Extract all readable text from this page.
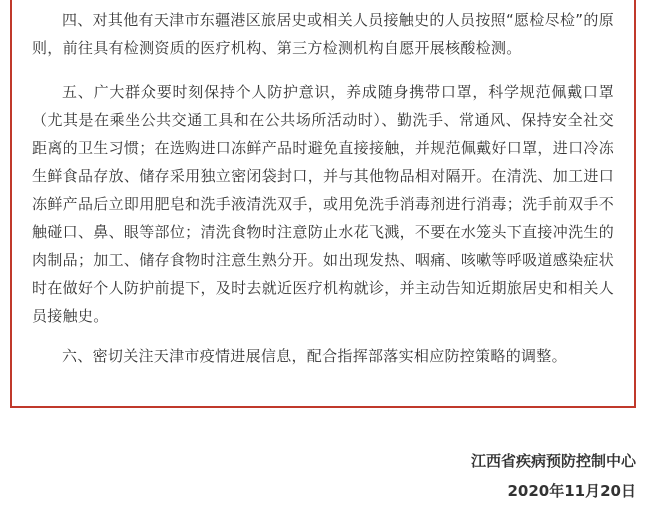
四、对其他有天津市东疆港区旅居史或相关人员接触史的人员按照“愿检尽检”的原则，前往具有检测资质的医疗机构、第三方检测机构自愿开展核酸检测。

五、广大群众要时刻保持个人防护意识，养成随身携带口罩，科学规范佩戴口罩（尤其是在乘坐公共交通工具和在公共场所活动时）、勤洗手、常通风、保持安全社交距离的卫生习惯；在选购进口冻鲜产品时避免直接接触，并规范佩戴好口罩，进口冷冻生鲜食品存放、储存采用独立密闭袋封口，并与其他物品相对隔开。在清洗、加工进口冻鲜产品后立即用肥皂和洗手液清洗双手，或用免洗手消毒剂进行消毒；洗手前双手不触碰口、鼻、眼等部位；清洗食物时注意防止水花飞溅，不要在水笼头下直接冲洗生的肉制品；加工、储存食物时注意生熟分开。如出现发热、咽痛、咳嗽等呼吸道感染症状时在做好个人防护前提下，及时去就近医疗机构就诊，并主动告知近期旅居史和相关人员接触史。

六、密切关注天津市疫情进展信息，配合指挥部落实相应防控策略的调整。

江西省疾病预防控制中心
2020年11月20日
